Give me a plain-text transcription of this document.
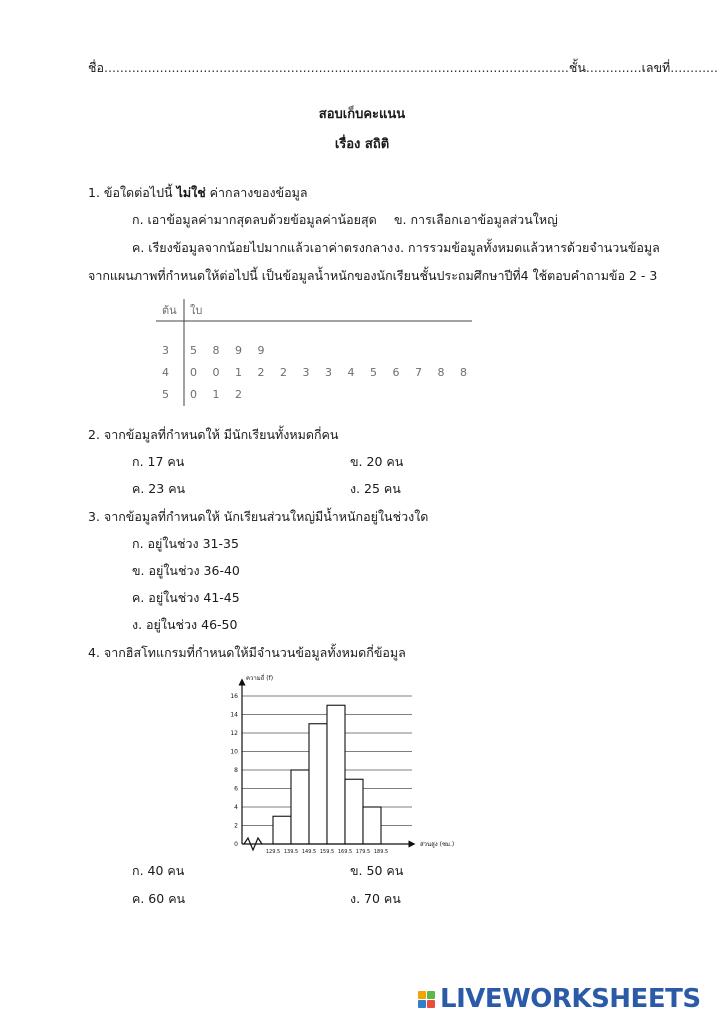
ชื่อ.....................................................................................................................ชั้น..............เลขที่............
สอบเก็บคะแนน
เรื่อง สถิติ
1. ข้อใดต่อไปนี้ ไม่ใช่ ค่ากลางของข้อมูล
ก. เอาข้อมูลค่ามากสุดลบด้วยข้อมูลค่าน้อยสุด ข. การเลือกเอาข้อมูลส่วนใหญ่
ค. เรียงข้อมูลจากน้อยไปมากแล้วเอาค่าตรงกลาง ง. การรวมข้อมูลทั้งหมดแล้วหารด้วยจำนวนข้อมูล
จากแผนภาพที่กำหนดให้ต่อไปนี้ เป็นข้อมูลน้ำหนักของนักเรียนชั้นประถมศึกษาปีที่4 ใช้ตอบคำถามข้อ 2 - 3
ต้น ใบ
3 5 8 9 9
4 0 0 1 2 2 3 3 4 5 6 7 8 8
5 0 1 2
2. จากข้อมูลที่กำหนดให้ มีนักเรียนทั้งหมดกี่คน
ก. 17 คน	ข. 20 คน
ค. 23 คน	ง. 25 คน
3. จากข้อมูลที่กำหนดให้ นักเรียนส่วนใหญ่มีน้ำหนักอยู่ในช่วงใด
ก. อยู่ในช่วง 31-35
ข. อยู่ในช่วง 36-40
ค. อยู่ในช่วง 41-45
ง. อยู่ในช่วง 46-50
4. จากฮิสโทแกรมที่กำหนดให้มีจำนวนข้อมูลทั้งหมดกี่ข้อมูล
ความถี่ (f)
ส่วนสูง (ซม.)
0
2
4
6
8
10
12
14
16
129.5 139.5 149.5 159.5 169.5 179.5 189.5
ก. 40 คน	ข. 50 คน
ค. 60 คน	ง. 70 คน
LIVEWORKSHEETS
